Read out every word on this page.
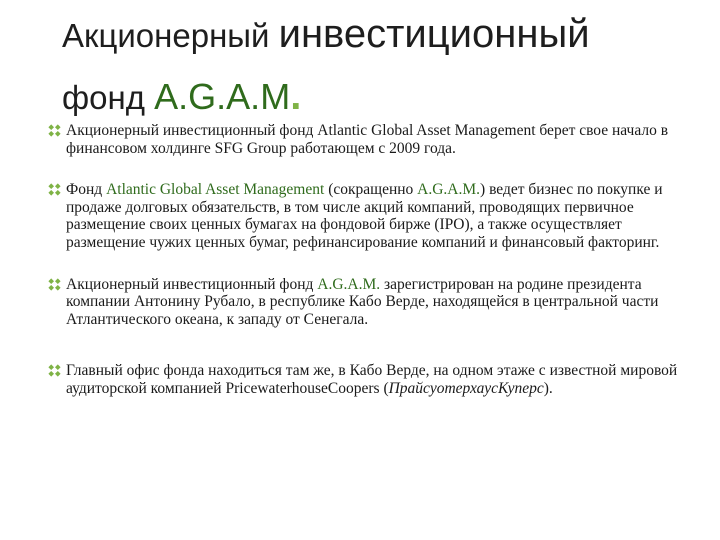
Акционерный инвестиционный
фонд A.G.A.M.
Акционерный инвестиционный фонд Atlantic Global Asset Management берет свое начало в финансовом холдинге SFG Group работающем с 2009 года.
Фонд Atlantic Global Asset Management (сокращенно A.G.A.M.) ведет бизнес по покупке и продаже долговых обязательств, в том числе акций компаний, проводящих первичное размещение своих ценных бумагах на фондовой бирже (IPO), а также осуществляет размещение чужих ценных бумаг, рефинансирование компаний и финансовый факторинг.
Акционерный инвестиционный фонд A.G.A.M. зарегистрирован на родине президента компании Антонину Рубало, в республике Кабо Верде, находящейся в центральной части Атлантического океана, к западу от Сенегала.
Главный офис фонда находиться там же, в Кабо Верде, на одном этаже с известной мировой аудиторской компанией PricewaterhouseCoopers (ПрайсуотерхаусКуперс).
